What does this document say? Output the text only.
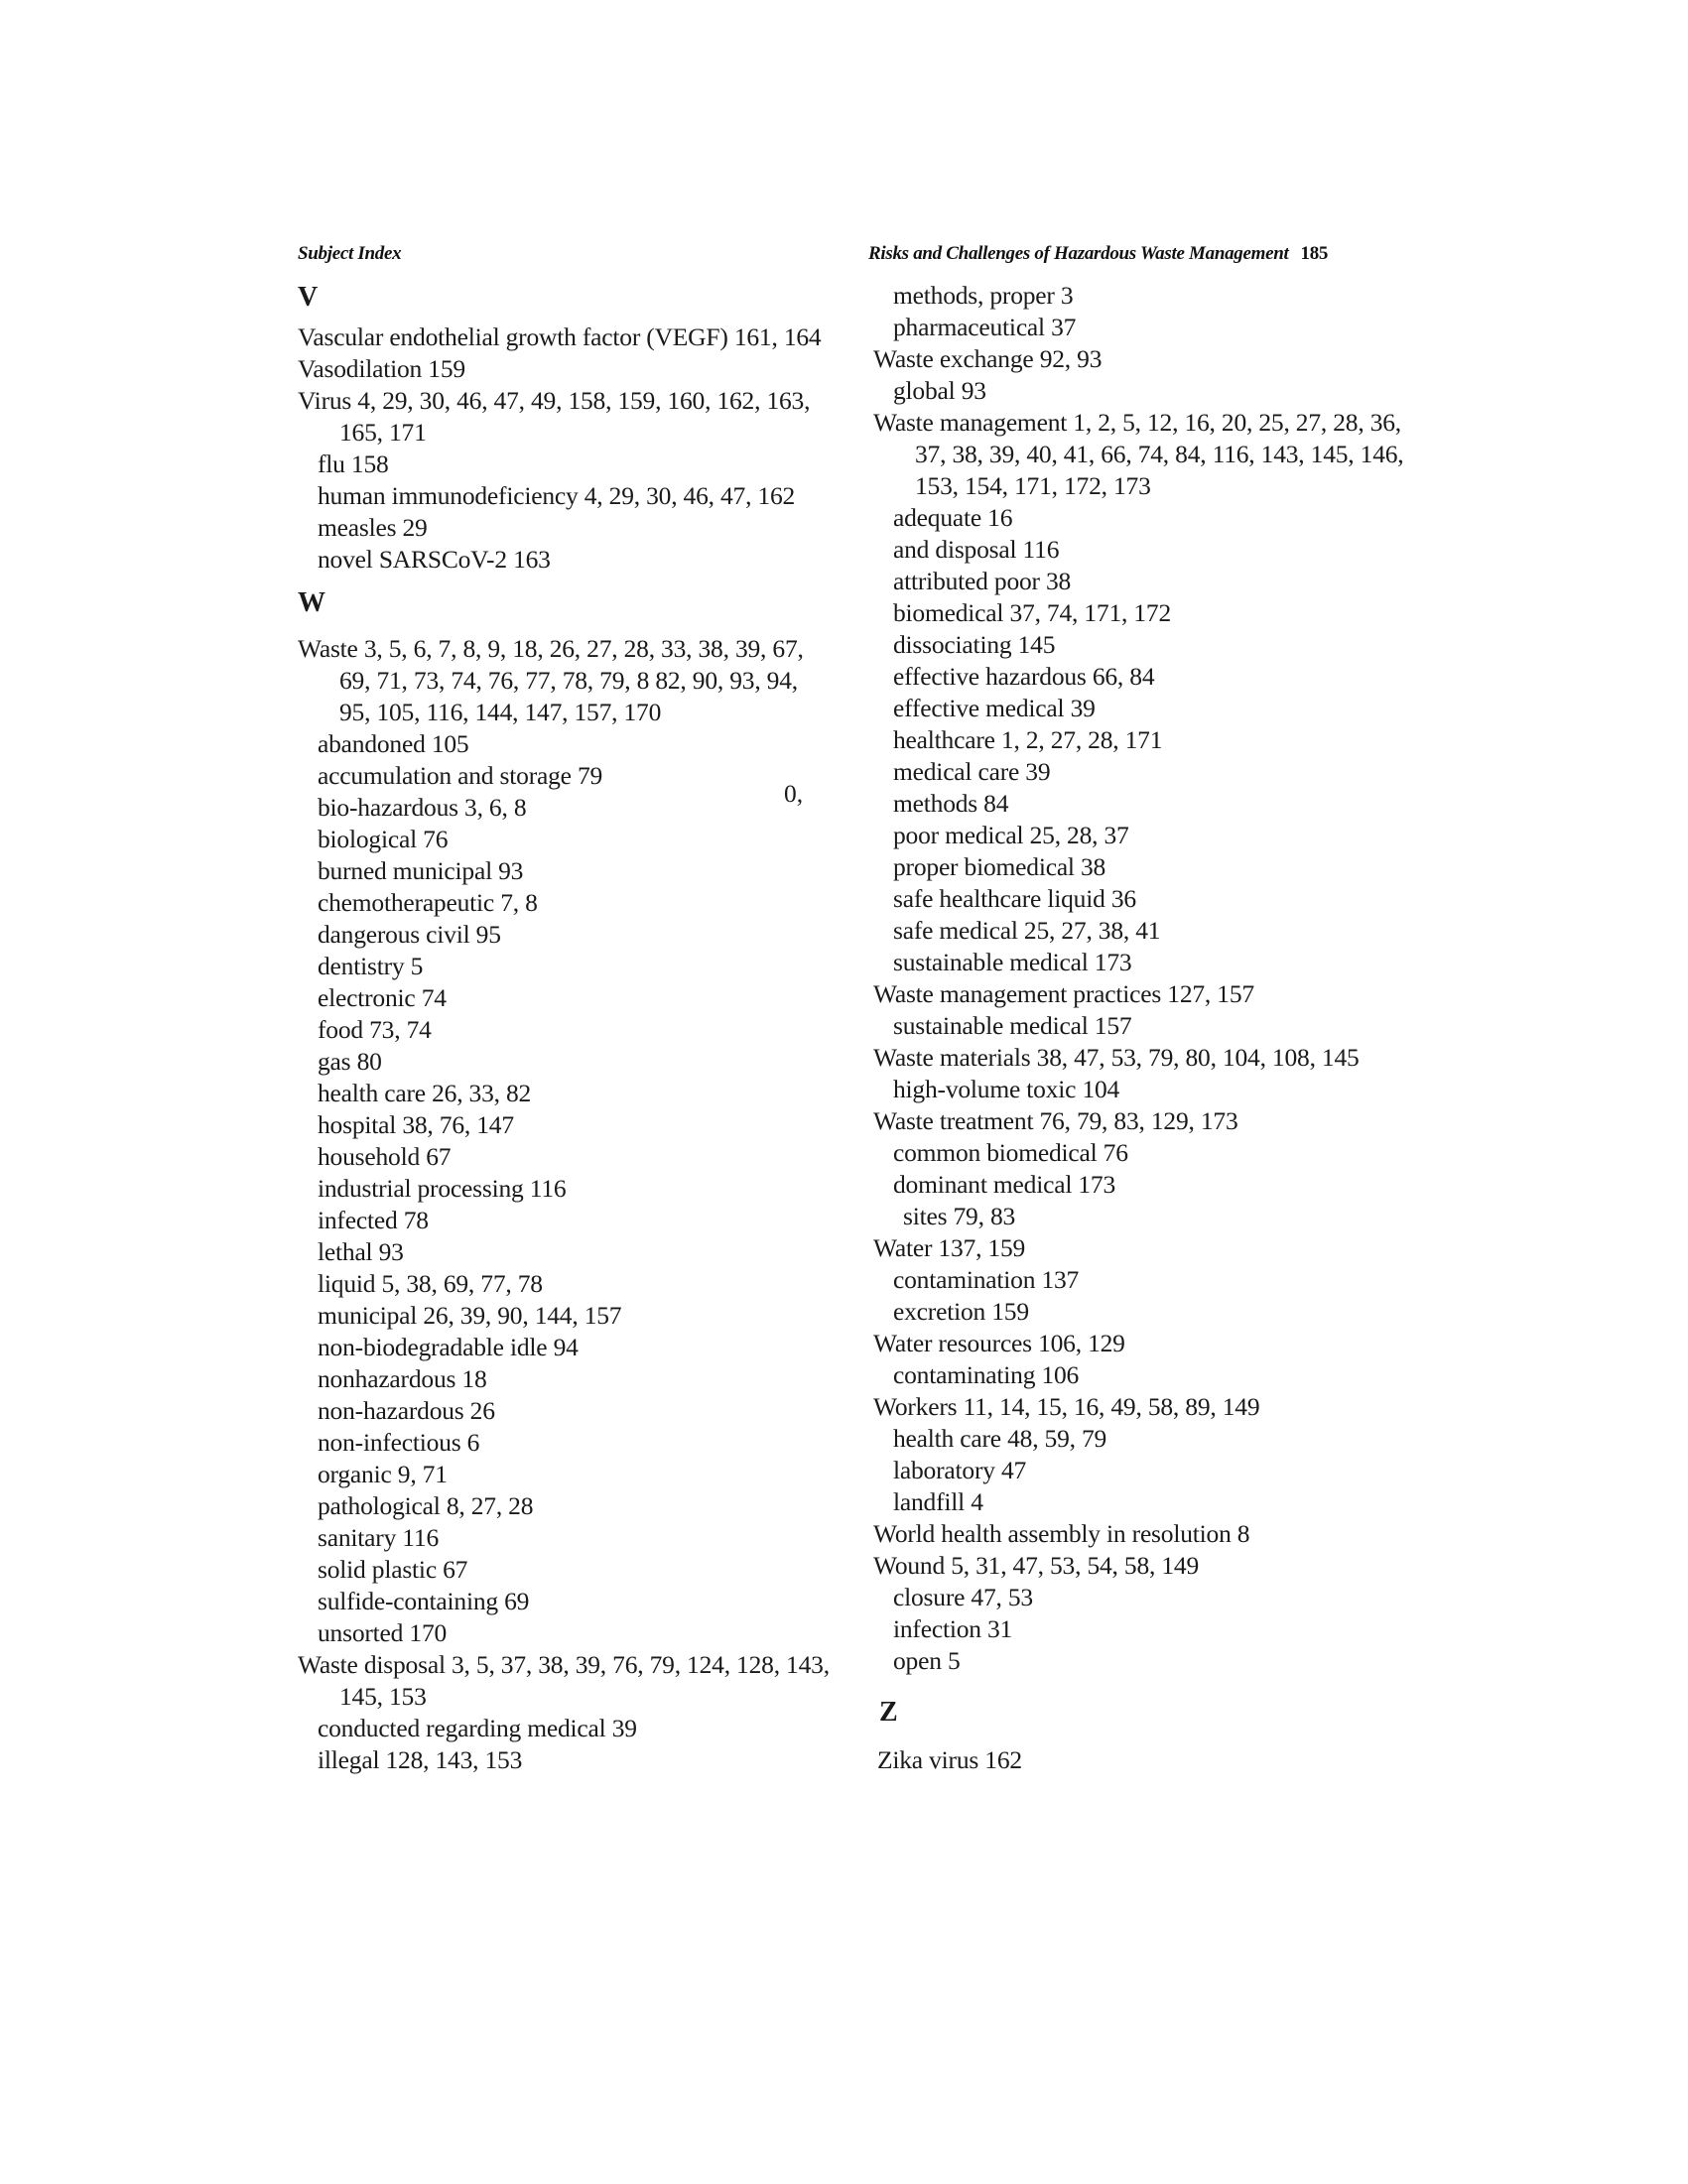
Subject Index	Risks and Challenges of Hazardous Waste Management 185
V
Vascular endothelial growth factor (VEGF) 161, 164
Vasodilation 159
Virus 4, 29, 30, 46, 47, 49, 158, 159, 160, 162, 163, 165, 171
flu 158
human immunodeficiency 4, 29, 30, 46, 47, 162
measles 29
novel SARSCoV-2 163
W
Waste 3, 5, 6, 7, 8, 9, 18, 26, 27, 28, 33, 38, 39, 67, 69, 71, 73, 74, 76, 77, 78, 79, 8 82, 90, 93, 94, 95, 105, 116, 144, 147, 157, 170
abandoned 105
accumulation and storage 79
bio-hazardous 3, 6, 8
biological 76
burned municipal 93
chemotherapeutic 7, 8
dangerous civil 95
dentistry 5
electronic 74
food 73, 74
gas 80
health care 26, 33, 82
hospital 38, 76, 147
household 67
industrial processing 116
infected 78
lethal 93
liquid 5, 38, 69, 77, 78
municipal 26, 39, 90, 144, 157
non-biodegradable idle 94
nonhazardous 18
non-hazardous 26
non-infectious 6
organic 9, 71
pathological 8, 27, 28
sanitary 116
solid plastic 67
sulfide-containing 69
unsorted 170
Waste disposal 3, 5, 37, 38, 39, 76, 79, 124, 128, 143, 145, 153
conducted regarding medical 39
illegal 128, 143, 153
methods, proper 3
pharmaceutical 37
Waste exchange 92, 93
global 93
Waste management 1, 2, 5, 12, 16, 20, 25, 27, 28, 36, 37, 38, 39, 40, 41, 66, 74, 84, 116, 143, 145, 146, 153, 154, 171, 172, 173
adequate 16
and disposal 116
attributed poor 38
biomedical 37, 74, 171, 172
dissociating 145
effective hazardous 66, 84
effective medical 39
healthcare 1, 2, 27, 28, 171
medical care 39
methods 84
poor medical 25, 28, 37
proper biomedical 38
safe healthcare liquid 36
safe medical 25, 27, 38, 41
sustainable medical 173
Waste management practices 127, 157
sustainable medical 157
Waste materials 38, 47, 53, 79, 80, 104, 108, 145
high-volume toxic 104
Waste treatment 76, 79, 83, 129, 173
common biomedical 76
dominant medical 173
sites 79, 83
Water 137, 159
contamination 137
excretion 159
Water resources 106, 129
contaminating 106
Workers 11, 14, 15, 16, 49, 58, 89, 149
health care 48, 59, 79
laboratory 47
landfill 4
World health assembly in resolution 8
Wound 5, 31, 47, 53, 54, 58, 149
closure 47, 53
infection 31
open 5
Z
Zika virus 162
0,
